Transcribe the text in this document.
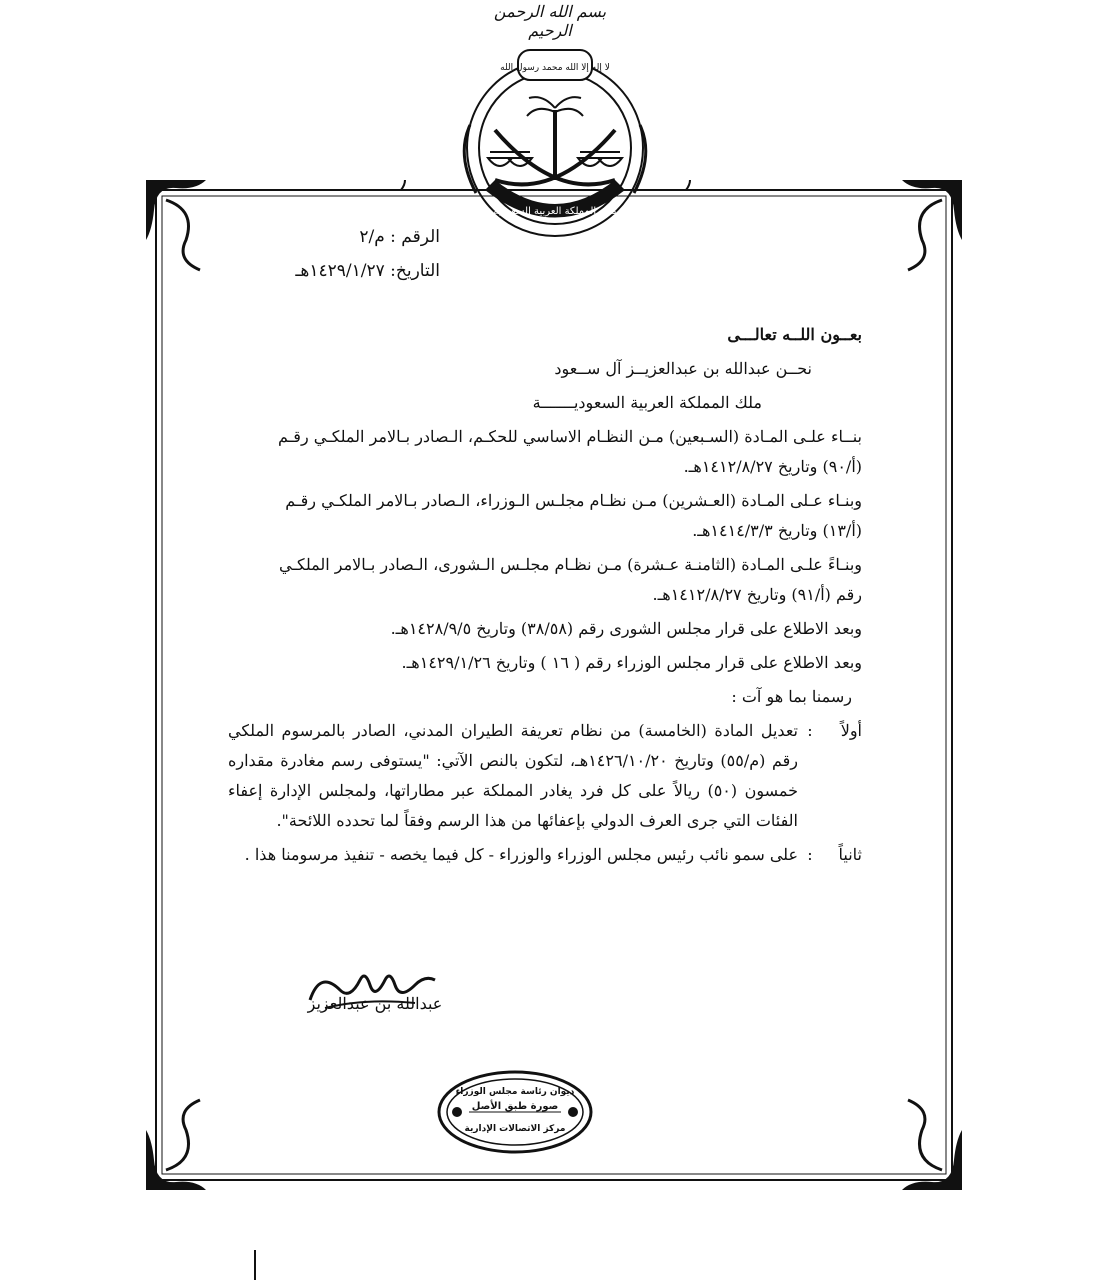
بسم الله الرحمن الرحيم
لا إله إلا الله محمد رسول الله
ملك المملكة العربية السعودية
الرقم : م/٢
التاريخ: ١٤٢٩/١/٢٧هـ

بعــون اللــه تعالـــى

نحــن عبدالله بن عبدالعزيــز آل ســعود

ملك المملكة العربية السعوديـــــــة

بنــاء علـى المـادة (السـبعين) مـن النظـام الاساسي للحكـم، الـصادر بـالامر الملكـي رقـم
(أ/٩٠) وتاريخ ١٤١٢/٨/٢٧هـ.

وبنـاء عـلى المـادة (العـشرين) مـن نظـام مجلـس الـوزراء، الـصادر بـالامر الملكـي رقـم
(أ/١٣) وتاريخ ١٤١٤/٣/٣هـ.

وبنـاءً علـى المـادة (الثامنـة عـشرة) مـن نظـام مجلـس الـشورى، الـصادر بـالامر الملكـي
رقم (أ/٩١) وتاريخ ١٤١٢/٨/٢٧هـ.

وبعد الاطلاع على قرار مجلس الشورى رقم (٣٨/٥٨) وتاريخ ١٤٢٨/٩/٥هـ.

وبعد الاطلاع على قرار مجلس الوزراء رقم ( ١٦ ) وتاريخ ١٤٢٩/١/٢٦هـ.

رسمنا بما هو آت :

أولاً
:
تعديل المادة (الخامسة) من نظام تعريفة الطيران المدني، الصادر بالمرسوم الملكي رقم (م/٥٥) وتاريخ ١٤٢٦/١٠/٢٠هـ، لتكون بالنص الآتي: "يستوفى رسم مغادرة مقداره خمسون (٥٠) ريالاً على كل فرد يغادر المملكة عبر مطاراتها، ولمجلس الإدارة إعفاء الفئات التي جرى العرف الدولي بإعفائها من هذا الرسم وفقاً لما تحدده اللائحة".
ثانياً
:
على سمو نائب رئيس مجلس الوزراء والوزراء - كل فيما يخصه - تنفيذ مرسومنا هذا .
عبدالله بن عبدالعزيز
ديوان رئاسة مجلس الوزراء
صورة طبق الأصل
مركز الاتصالات الإدارية
